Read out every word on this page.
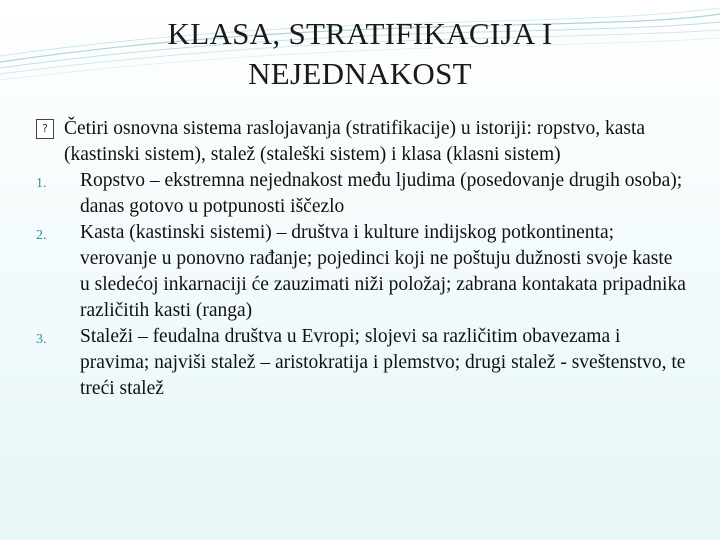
KLASA, STRATIFIKACIJA I
NEJEDNAKOST

? Četiri osnovna sistema raslojavanja (stratifikacije) u istoriji: ropstvo, kasta (kastinski sistem), stalež (staleški sistem) i klasa (klasni sistem)

1.	Ropstvo – ekstremna nejednakost među ljudima (posedovanje drugih osoba); danas gotovo u potpunosti iščezlo

2.	Kasta (kastinski sistemi) – društva i kulture indijskog potkontinenta; verovanje u ponovno rađanje; pojedinci koji ne poštuju dužnosti svoje kaste u sledećoj inkarnaciji će zauzimati niži položaj; zabrana kontakata pripadnika različitih kasti (ranga)

3.	Staleži – feudalna društva u Evropi; slojevi sa različitim obavezama i pravima; najviši stalež – aristokratija i plemstvo; drugi stalež - sveštenstvo, te treći stalež
